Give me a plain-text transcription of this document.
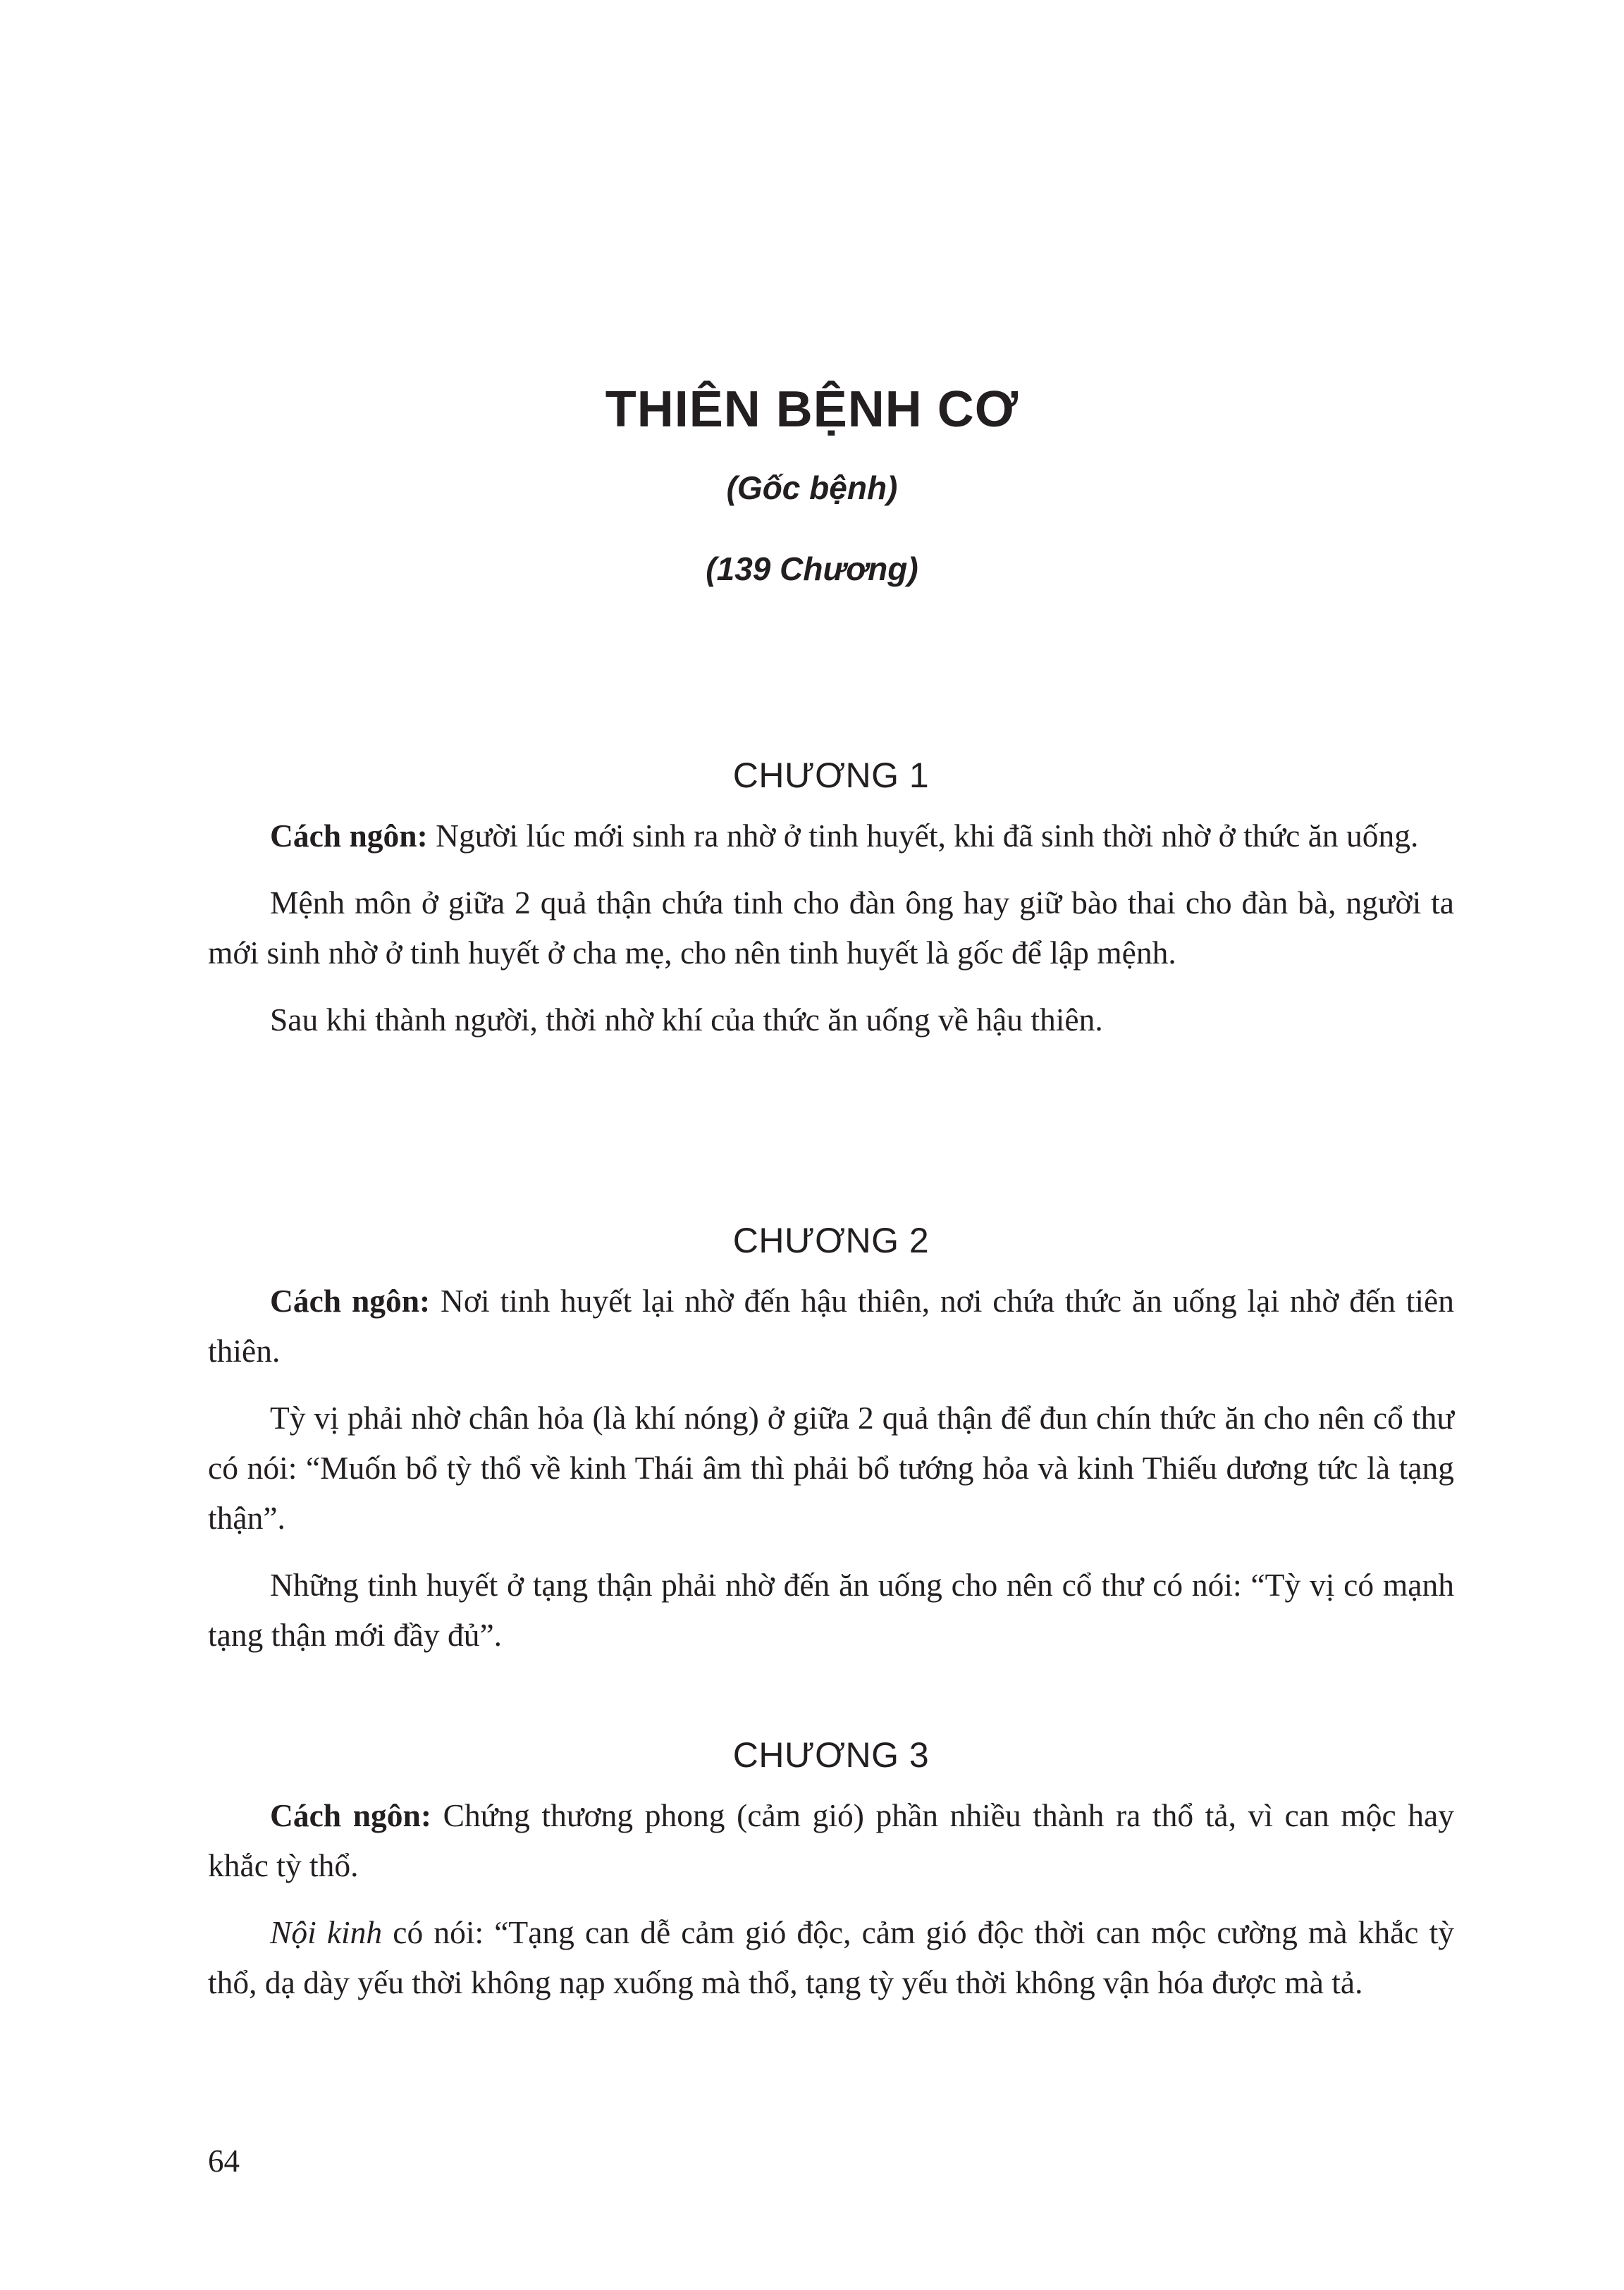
THIÊN BỆNH CƠ

(Gốc bệnh)

(139 Chương)

CHƯƠNG 1

Cách ngôn: Người lúc mới sinh ra nhờ ở tinh huyết, khi đã sinh thời nhờ ở thức ăn uống.

Mệnh môn ở giữa 2 quả thận chứa tinh cho đàn ông hay giữ bào thai cho đàn bà, người ta mới sinh nhờ ở tinh huyết ở cha mẹ, cho nên tinh huyết là gốc để lập mệnh.

Sau khi thành người, thời nhờ khí của thức ăn uống về hậu thiên.

CHƯƠNG 2

Cách ngôn: Nơi tinh huyết lại nhờ đến hậu thiên, nơi chứa thức ăn uống lại nhờ đến tiên thiên.

Tỳ vị phải nhờ chân hỏa (là khí nóng) ở giữa 2 quả thận để đun chín thức ăn cho nên cổ thư có nói: “Muốn bổ tỳ thổ về kinh Thái âm thì phải bổ tướng hỏa và kinh Thiếu dương tức là tạng thận”.

Những tinh huyết ở tạng thận phải nhờ đến ăn uống cho nên cổ thư có nói: “Tỳ vị có mạnh tạng thận mới đầy đủ”.

CHƯƠNG 3

Cách ngôn: Chứng thương phong (cảm gió) phần nhiều thành ra thổ tả, vì can mộc hay khắc tỳ thổ.

Nội kinh có nói: “Tạng can dễ cảm gió độc, cảm gió độc thời can mộc cường mà khắc tỳ thổ, dạ dày yếu thời không nạp xuống mà thổ, tạng tỳ yếu thời không vận hóa được mà tả.

64
